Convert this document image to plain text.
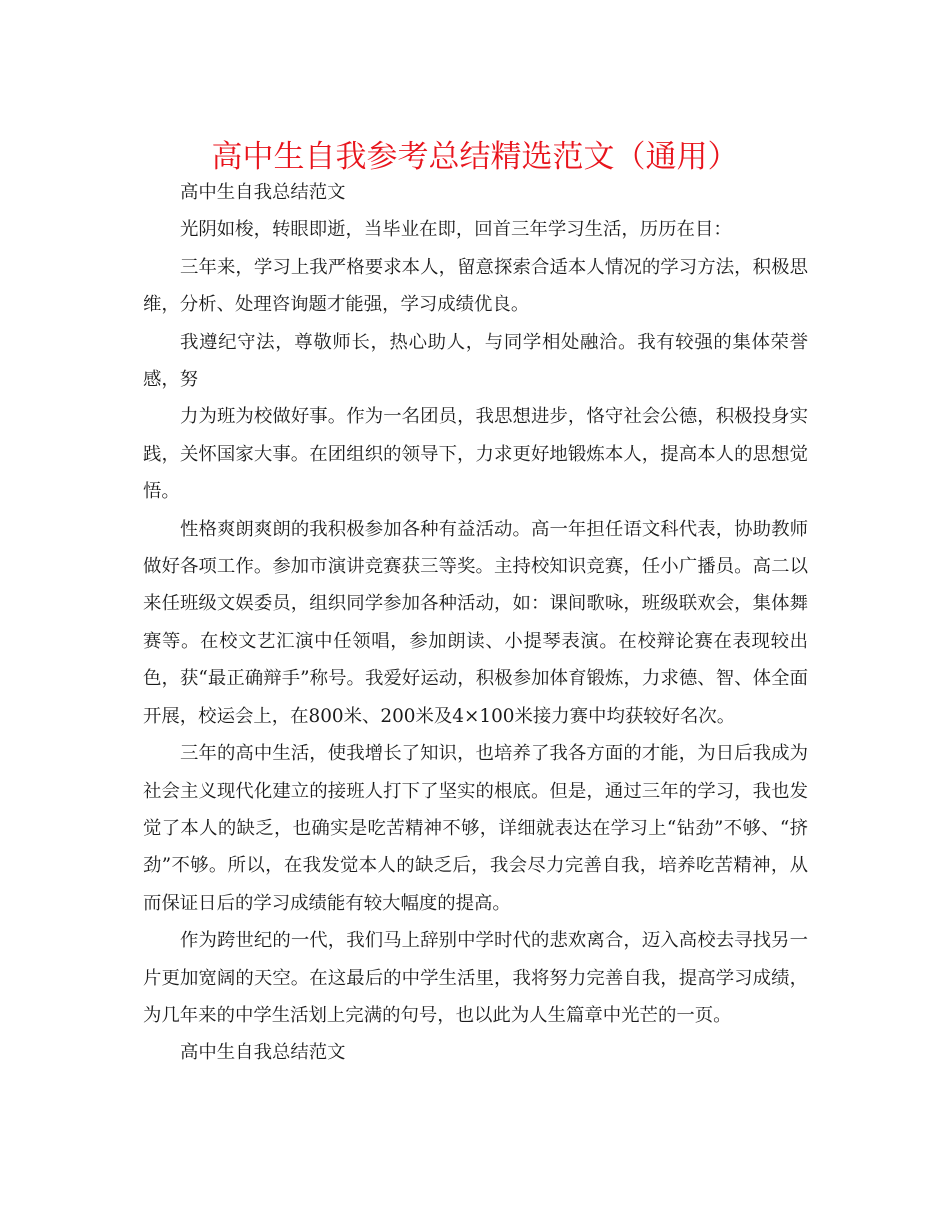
高中生自我参考总结精选范文（通用）

高中生自我总结范文

光阴如梭，转眼即逝，当毕业在即，回首三年学习生活，历历在目：

三年来，学习上我严格要求本人，留意探索合适本人情况的学习方法，积极思维，分析、处理咨询题才能强，学习成绩优良。

我遵纪守法，尊敬师长，热心助人，与同学相处融洽。我有较强的集体荣誉感，努

力为班为校做好事。作为一名团员，我思想进步，恪守社会公德，积极投身实践，关怀国家大事。在团组织的领导下，力求更好地锻炼本人，提高本人的思想觉悟。

性格爽朗爽朗的我积极参加各种有益活动。高一年担任语文科代表，协助教师做好各项工作。参加市演讲竞赛获三等奖。主持校知识竞赛，任小广播员。高二以来任班级文娱委员，组织同学参加各种活动，如：课间歌咏，班级联欢会，集体舞赛等。在校文艺汇演中任领唱，参加朗读、小提琴表演。在校辩论赛在表现较出色，获“最正确辩手”称号。我爱好运动，积极参加体育锻炼，力求德、智、体全面开展，校运会上，在800米、200米及4×100米接力赛中均获较好名次。

三年的高中生活，使我增长了知识，也培养了我各方面的才能，为日后我成为社会主义现代化建立的接班人打下了坚实的根底。但是，通过三年的学习，我也发觉了本人的缺乏，也确实是吃苦精神不够，详细就表达在学习上“钻劲”不够、“挤劲”不够。所以，在我发觉本人的缺乏后，我会尽力完善自我，培养吃苦精神，从而保证日后的学习成绩能有较大幅度的提高。

作为跨世纪的一代，我们马上辞别中学时代的悲欢离合，迈入高校去寻找另一片更加宽阔的天空。在这最后的中学生活里，我将努力完善自我，提高学习成绩，为几年来的中学生活划上完满的句号，也以此为人生篇章中光芒的一页。

高中生自我总结范文
